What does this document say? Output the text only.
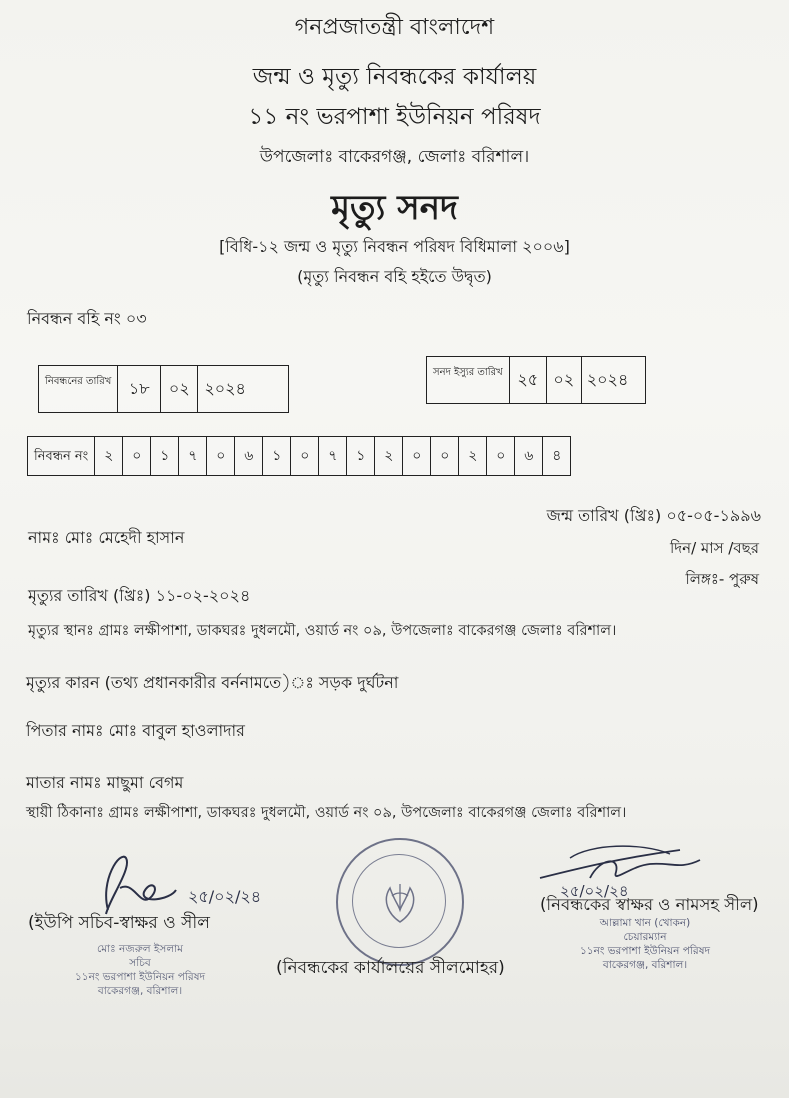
গনপ্রজাতন্ত্রী বাংলাদেশ
জন্ম ও মৃত্যু নিবন্ধকের কার্যালয়
১১ নং ভরপাশা ইউনিয়ন পরিষদ
উপজেলাঃ বাকেরগঞ্জ, জেলাঃ বরিশাল।
মৃত্যু সনদ
[বিধি-১২ জন্ম ও মৃত্যু নিবন্ধন পরিষদ বিধিমালা ২০০৬]
(মৃত্যু নিবন্ধন বহি হইতে উদ্বৃত)
নিবন্ধন বহি নং ০৩
নিবন্ধনের তারিখ	১৮	০২ ২০২৪
সনদ ইস্যুর তারিখ ২৫ ০২ ২০২৪
নিবন্ধন নং	২	০	১	৭	০	৬	১	০	৭	১	২	০	০	২	০	৬	৪
নামঃ মোঃ মেহেদী হাসান
জন্ম তারিখ (খ্রিঃ) ০৫-০৫-১৯৯৬
দিন/ মাস /বছর
লিঙ্গঃ- পুরুষ
মৃত্যুর তারিখ (খ্রিঃ) ১১-০২-২০২৪
মৃত্যুর স্থানঃ গ্রামঃ লক্ষীপাশা, ডাকঘরঃ দুধলমৌ, ওয়ার্ড নং ০৯, উপজেলাঃ বাকেরগঞ্জ জেলাঃ বরিশাল।
মৃত্যুর কারন (তথ্য প্রধানকারীর বর্ননামতে)ঃ সড়ক দুর্ঘটনা
পিতার নামঃ মোঃ বাবুল হাওলাদার
মাতার নামঃ মাছুমা বেগম
স্থায়ী ঠিকানাঃ গ্রামঃ লক্ষীপাশা, ডাকঘরঃ দুধলমৌ, ওয়ার্ড নং ০৯, উপজেলাঃ বাকেরগঞ্জ জেলাঃ বরিশাল।
২৫/০২/২৪
(ইউপি সচিব-স্বাক্ষর ও সীল
মোঃ নজরুল ইসলাম
সচিব
১১নং ভরপাশা ইউনিয়ন পরিষদ
বাকেরগঞ্জ, বরিশাল।
(নিবন্ধকের কার্যালয়ের সীলমোহর)
২৫/০২/২৪
(নিবন্ধকের স্বাক্ষর ও নামসহ সীল)
আল্লামা খান (খোকন)
চেয়ারম্যান
১১নং ভরপাশা ইউনিয়ন পরিষদ
বাকেরগঞ্জ, বরিশাল।
